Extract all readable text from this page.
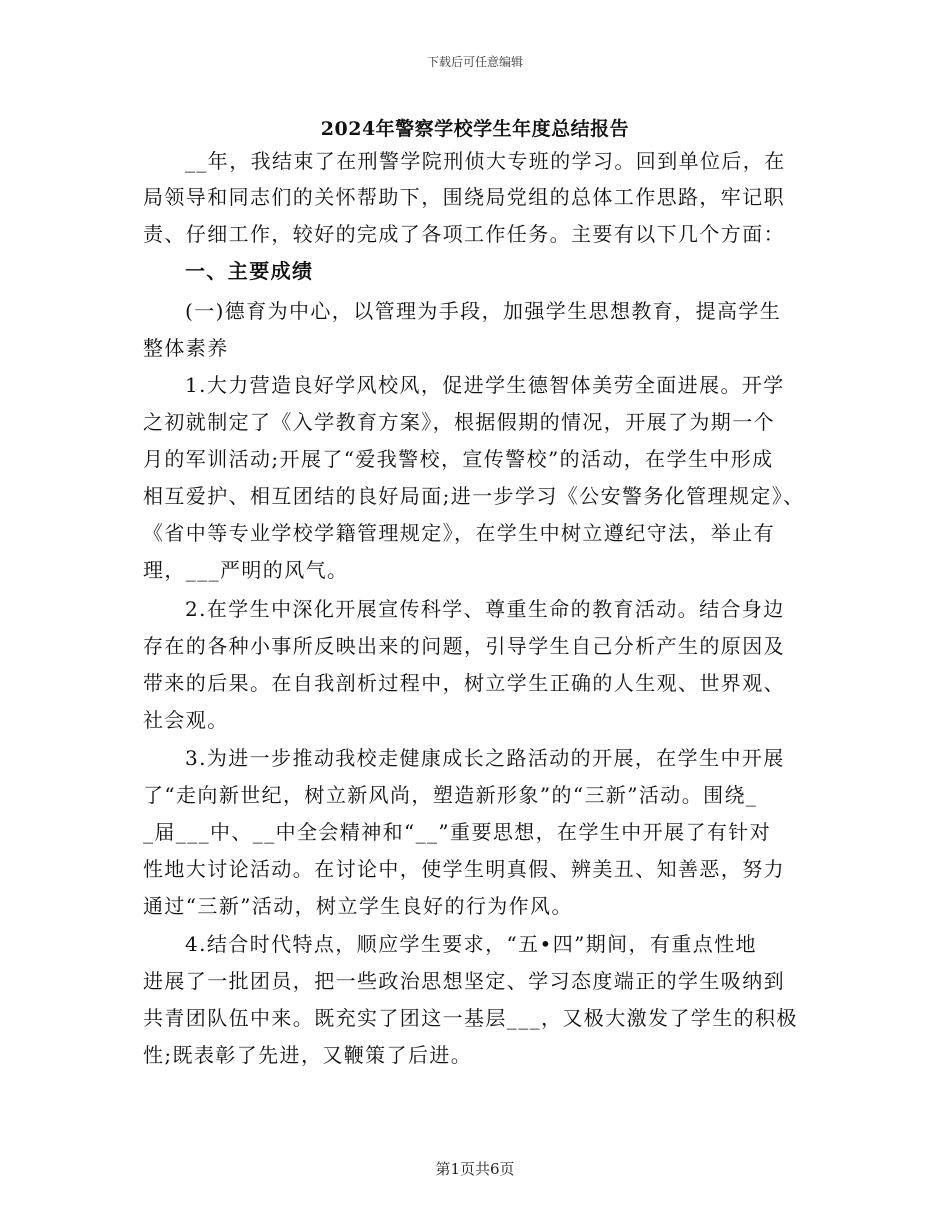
下载后可任意编辑
2024年警察学校学生年度总结报告
__年，我结束了在刑警学院刑侦大专班的学习。回到单位后，在
局领导和同志们的关怀帮助下，围绕局党组的总体工作思路，牢记职
责、仔细工作，较好的完成了各项工作任务。主要有以下几个方面：
一、主要成绩
(一)德育为中心，以管理为手段，加强学生思想教育，提高学生
整体素养
1.大力营造良好学风校风，促进学生德智体美劳全面进展。开学
之初就制定了《入学教育方案》，根据假期的情况，开展了为期一个
月的军训活动;开展了“爱我警校，宣传警校”的活动，在学生中形成
相互爱护、相互团结的良好局面;进一步学习《公安警务化管理规定》、
《省中等专业学校学籍管理规定》，在学生中树立遵纪守法，举止有
理，___严明的风气。
2.在学生中深化开展宣传科学、尊重生命的教育活动。结合身边
存在的各种小事所反映出来的问题，引导学生自己分析产生的原因及
带来的后果。在自我剖析过程中，树立学生正确的人生观、世界观、
社会观。
3.为进一步推动我校走健康成长之路活动的开展，在学生中开展
了“走向新世纪，树立新风尚，塑造新形象”的“三新”活动。围绕_
_届___中、__中全会精神和“__”重要思想，在学生中开展了有针对
性地大讨论活动。在讨论中，使学生明真假、辨美丑、知善恶，努力
通过“三新”活动，树立学生良好的行为作风。
4.结合时代特点，顺应学生要求，“五•四”期间，有重点性地
进展了一批团员，把一些政治思想坚定、学习态度端正的学生吸纳到
共青团队伍中来。既充实了团这一基层___，又极大激发了学生的积极
性;既表彰了先进，又鞭策了后进。
第1页共6页
